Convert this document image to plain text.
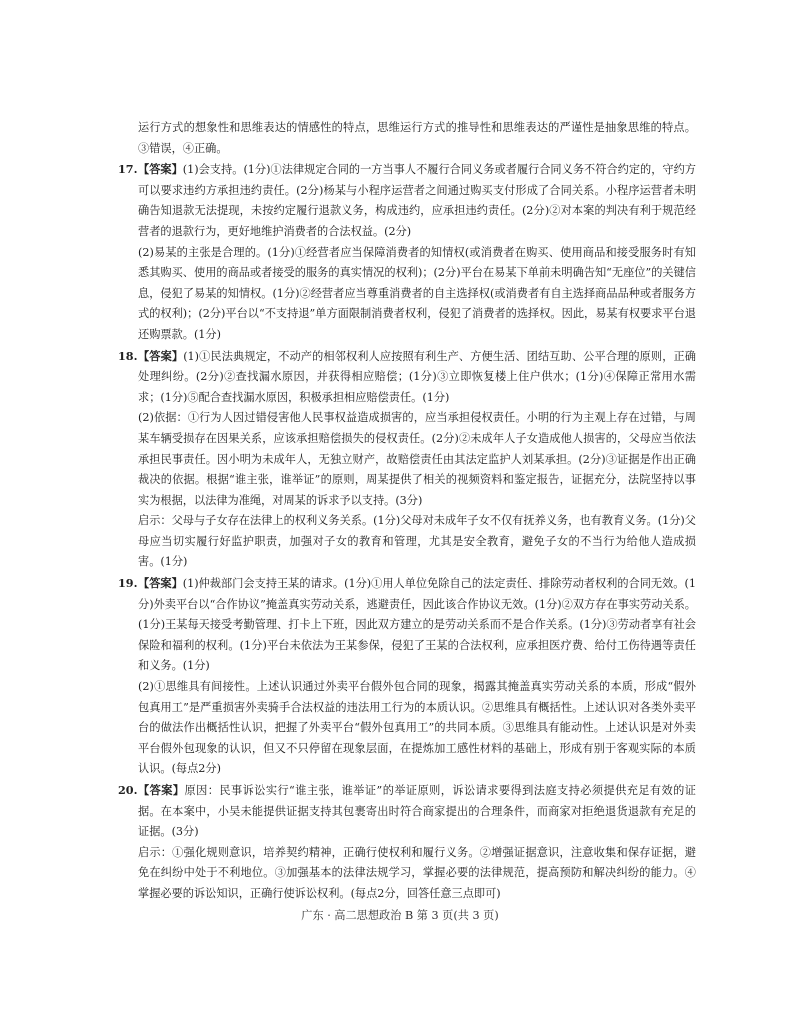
运行方式的想象性和思维表达的情感性的特点，思维运行方式的推导性和思维表达的严谨性是抽象思维的特点。③错误，④正确。

17. 【答案】(1)会支持。(1分)①法律规定合同的一方当事人不履行合同义务或者履行合同义务不符合约定的，守约方可以要求违约方承担违约责任。(2分)杨某与小程序运营者之间通过购买支付形成了合同关系。小程序运营者未明确告知退款无法提现，未按约定履行退款义务，构成违约，应承担违约责任。(2分)②对本案的判决有利于规范经营者的退款行为，更好地维护消费者的合法权益。(2分)

(2)易某的主张是合理的。(1分)①经营者应当保障消费者的知情权(或消费者在购买、使用商品和接受服务时有知悉其购买、使用的商品或者接受的服务的真实情况的权利)；(2分)平台在易某下单前未明确告知“无座位”的关键信息，侵犯了易某的知情权。(1分)②经营者应当尊重消费者的自主选择权(或消费者有自主选择商品品种或者服务方式的权利)；(2分)平台以“不支持退”单方面限制消费者权利，侵犯了消费者的选择权。因此，易某有权要求平台退还购票款。(1分)

18. 【答案】(1)①民法典规定，不动产的相邻权利人应按照有利生产、方便生活、团结互助、公平合理的原则，正确处理纠纷。(2分)②查找漏水原因，并获得相应赔偿；(1分)③立即恢复楼上住户供水；(1分)④保障正常用水需求；(1分)⑤配合查找漏水原因，积极承担相应赔偿责任。(1分)

(2)依据：①行为人因过错侵害他人民事权益造成损害的，应当承担侵权责任。小明的行为主观上存在过错，与周某车辆受损存在因果关系，应该承担赔偿损失的侵权责任。(2分)②未成年人子女造成他人损害的，父母应当依法承担民事责任。因小明为未成年人，无独立财产，故赔偿责任由其法定监护人刘某承担。(2分)③证据是作出正确裁决的依据。根据“谁主张，谁举证”的原则，周某提供了相关的视频资料和鉴定报告，证据充分，法院坚持以事实为根据，以法律为准绳，对周某的诉求予以支持。(3分)

启示：父母与子女存在法律上的权利义务关系。(1分)父母对未成年子女不仅有抚养义务，也有教育义务。(1分)父母应当切实履行好监护职责，加强对子女的教育和管理，尤其是安全教育，避免子女的不当行为给他人造成损害。(1分)

19. 【答案】(1)仲裁部门会支持王某的请求。(1分)①用人单位免除自己的法定责任、排除劳动者权利的合同无效。(1分)外卖平台以“合作协议”掩盖真实劳动关系，逃避责任，因此该合作协议无效。(1分)②双方存在事实劳动关系。(1分)王某每天接受考勤管理、打卡上下班，因此双方建立的是劳动关系而不是合作关系。(1分)③劳动者享有社会保险和福利的权利。(1分)平台未依法为王某参保，侵犯了王某的合法权利，应承担医疗费、给付工伤待遇等责任和义务。(1分)

(2)①思维具有间接性。上述认识通过外卖平台假外包合同的现象，揭露其掩盖真实劳动关系的本质，形成“假外包真用工”是严重损害外卖骑手合法权益的违法用工行为的本质认识。②思维具有概括性。上述认识对各类外卖平台的做法作出概括性认识，把握了外卖平台“假外包真用工”的共同本质。③思维具有能动性。上述认识是对外卖平台假外包现象的认识，但又不只停留在现象层面，在提炼加工感性材料的基础上，形成有别于客观实际的本质认识。(每点2分)

20. 【答案】原因：民事诉讼实行“谁主张，谁举证”的举证原则，诉讼请求要得到法庭支持必须提供充足有效的证据。在本案中，小吴未能提供证据支持其包裹寄出时符合商家提出的合理条件，而商家对拒绝退货退款有充足的证据。(3分)

启示：①强化规则意识，培养契约精神，正确行使权利和履行义务。②增强证据意识，注意收集和保存证据，避免在纠纷中处于不利地位。③加强基本的法律法规学习，掌握必要的法律规范，提高预防和解决纠纷的能力。④掌握必要的诉讼知识，正确行使诉讼权利。(每点2分，回答任意三点即可)

广东 · 高二思想政治 B 第 3 页(共 3 页)
